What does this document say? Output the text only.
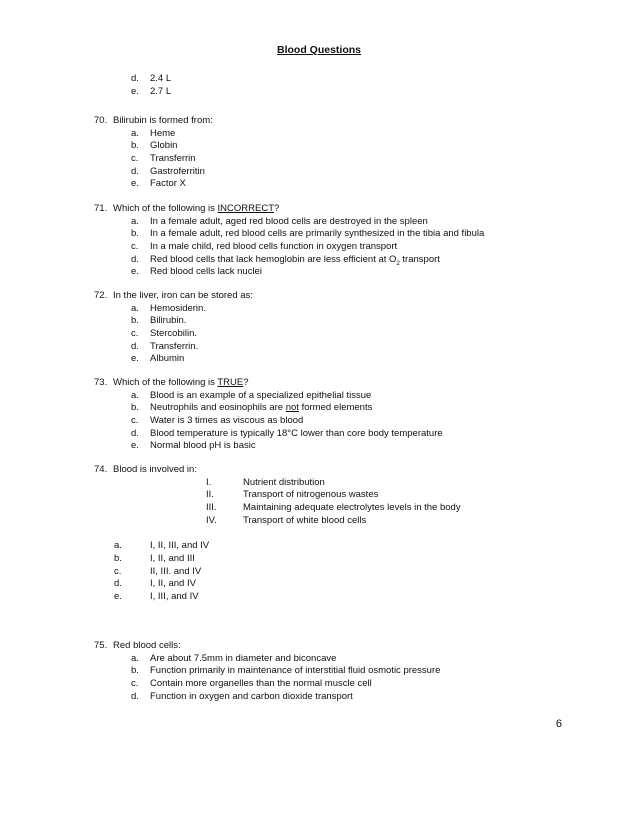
Blood Questions
d. 2.4 L
e. 2.7 L
70. Bilirubin is formed from:
a. Heme
b. Globin
c. Transferrin
d. Gastroferritin
e. Factor X
71. Which of the following is INCORRECT?
a. In a female adult, aged red blood cells are destroyed in the spleen
b. In a female adult, red blood cells are primarily synthesized in the tibia and fibula
c. In a male child, red blood cells function in oxygen transport
d. Red blood cells that lack hemoglobin are less efficient at $O_2$ transport
e. Red blood cells lack nuclei
72. In the liver, iron can be stored as:
a. Hemosiderin.
b. Bilirubin.
c. Stercobilin.
d. Transferrin.
e. Albumin
73. Which of the following is TRUE?
a. Blood is an example of a specialized epithelial tissue
b. Neutrophils and eosinophils are not formed elements
c. Water is 3 times as viscous as blood
d. Blood temperature is typically 18°C lower than core body temperature
e. Normal blood pH is basic
74. Blood is involved in:
I.	Nutrient distribution
II.	Transport of nitrogenous wastes
III.	Maintaining adequate electrolytes levels in the body
IV.	Transport of white blood cells
a.	I, II, III, and IV
b.	I, II, and III
c.	II, III. and IV
d.	I, II, and IV
e.	I, III, and IV
75. Red blood cells:
a. Are about 7.5mm in diameter and biconcave
b. Function primarily in maintenance of interstitial fluid osmotic pressure
c. Contain more organelles than the normal muscle cell
d. Function in oxygen and carbon dioxide transport
6
